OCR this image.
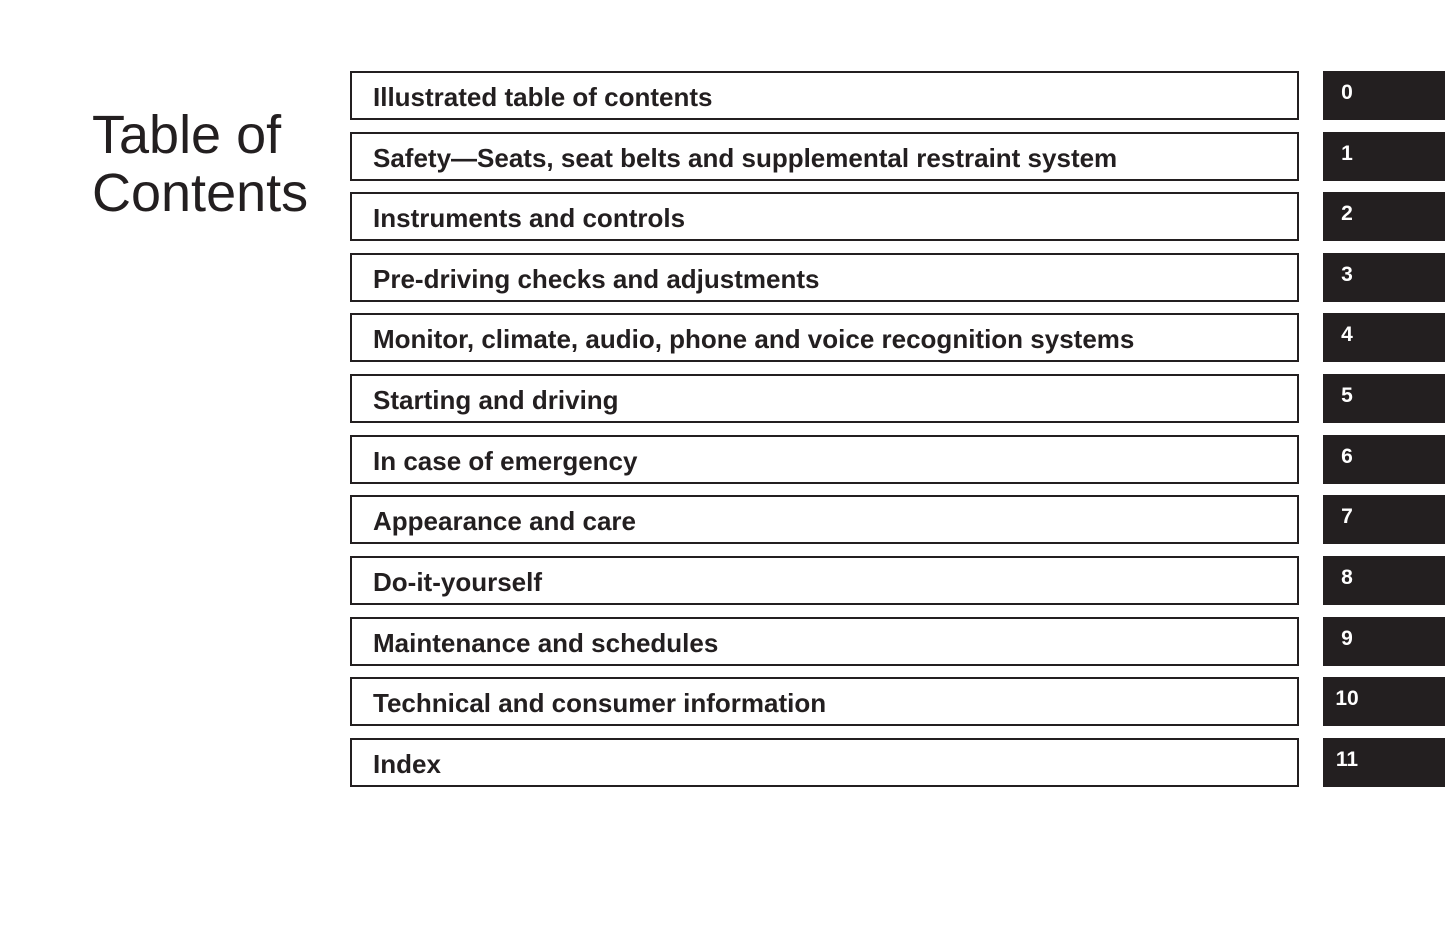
Table of
Contents
Illustrated table of contents	0
Safety—Seats, seat belts and supplemental restraint system	1
Instruments and controls	2
Pre-driving checks and adjustments	3
Monitor, climate, audio, phone and voice recognition systems	4
Starting and driving	5
In case of emergency	6
Appearance and care	7
Do-it-yourself	8
Maintenance and schedules	9
Technical and consumer information	10
Index	11
